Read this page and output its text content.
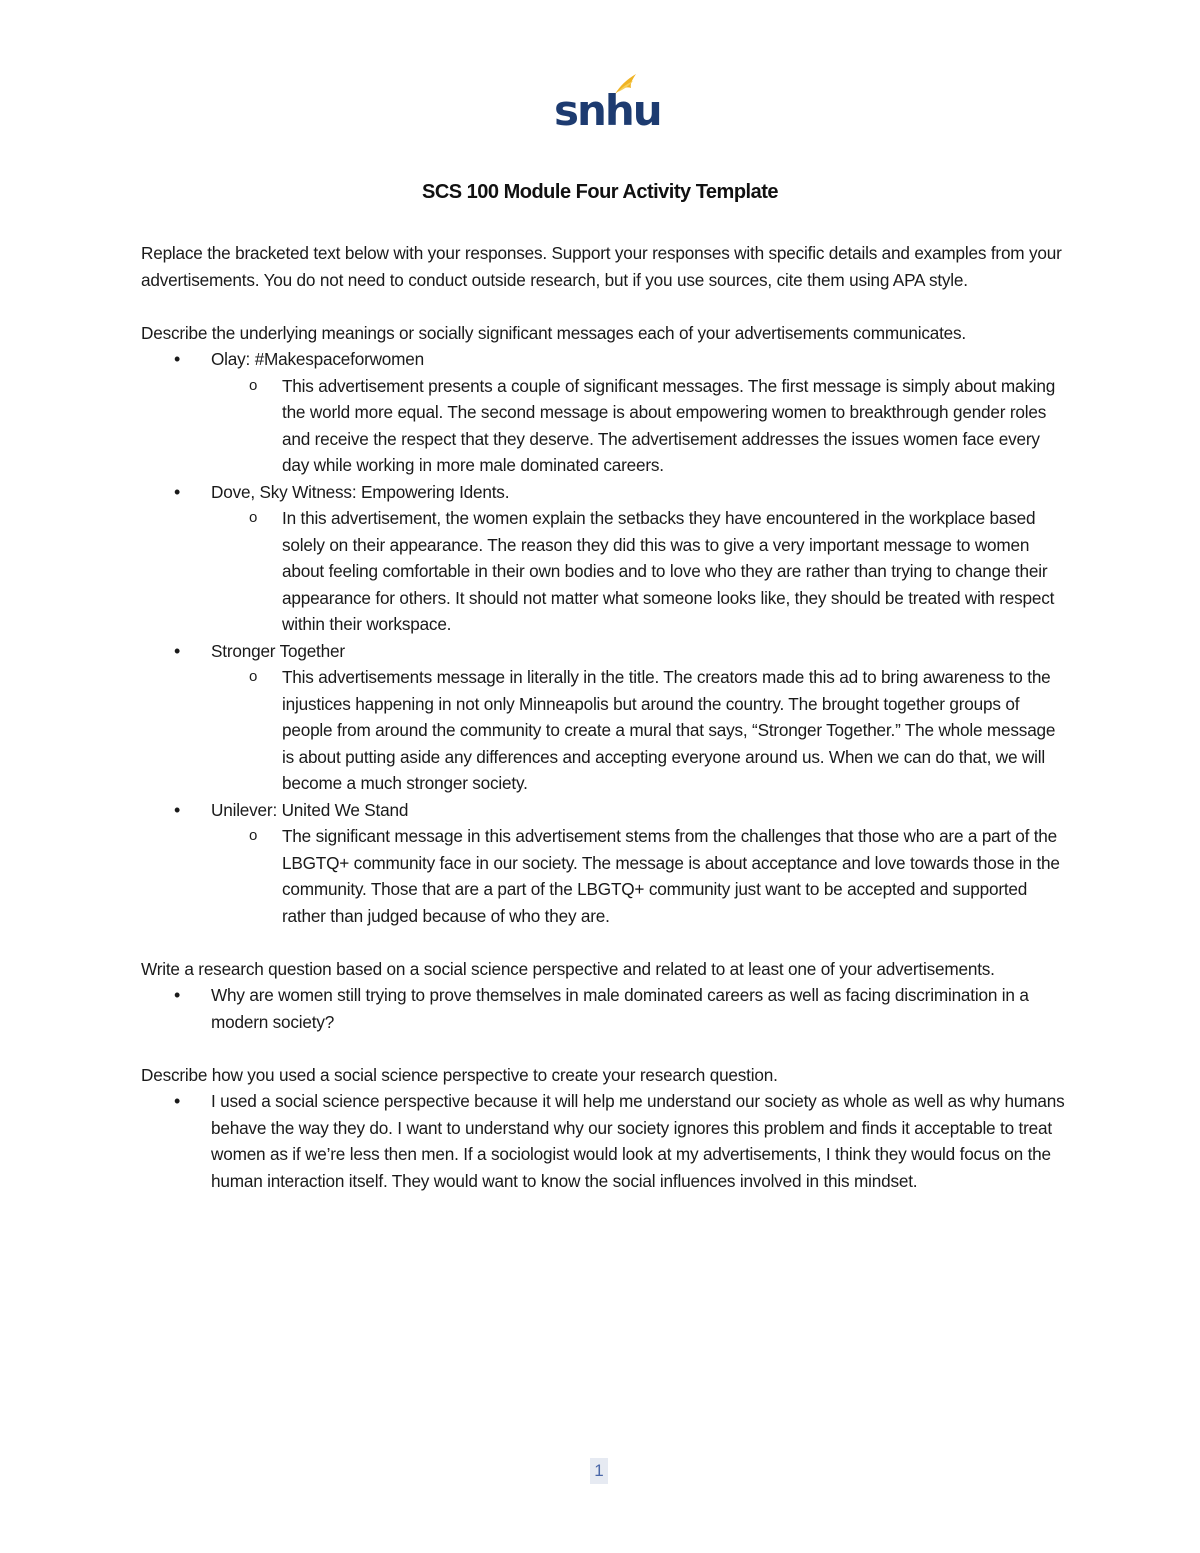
snhu
SCS 100 Module Four Activity Template

Replace the bracketed text below with your responses. Support your responses with specific details and examples from your advertisements. You do not need to conduct outside research, but if you use sources, cite them using APA style.

Describe the underlying meanings or socially significant messages each of your advertisements communicates.

• Olay: #Makespaceforwomen
o This advertisement presents a couple of significant messages. The first message is simply about making the world more equal. The second message is about empowering women to breakthrough gender roles and receive the respect that they deserve. The advertisement addresses the issues women face every day while working in more male dominated careers.
• Dove, Sky Witness: Empowering Idents.
o In this advertisement, the women explain the setbacks they have encountered in the workplace based solely on their appearance. The reason they did this was to give a very important message to women about feeling comfortable in their own bodies and to love who they are rather than trying to change their appearance for others. It should not matter what someone looks like, they should be treated with respect within their workspace.
• Stronger Together
o This advertisements message in literally in the title. The creators made this ad to bring awareness to the injustices happening in not only Minneapolis but around the country. The brought together groups of people from around the community to create a mural that says, “Stronger Together.” The whole message is about putting aside any differences and accepting everyone around us. When we can do that, we will become a much stronger society.
• Unilever: United We Stand
o The significant message in this advertisement stems from the challenges that those who are a part of the LBGTQ+ community face in our society. The message is about acceptance and love towards those in the community. Those that are a part of the LBGTQ+ community just want to be accepted and supported rather than judged because of who they are.

Write a research question based on a social science perspective and related to at least one of your advertisements.

• Why are women still trying to prove themselves in male dominated careers as well as facing discrimination in a modern society?

Describe how you used a social science perspective to create your research question.

• I used a social science perspective because it will help me understand our society as whole as well as why humans behave the way they do. I want to understand why our society ignores this problem and finds it acceptable to treat women as if we’re less then men. If a sociologist would look at my advertisements, I think they would focus on the human interaction itself. They would want to know the social influences involved in this mindset.
1
